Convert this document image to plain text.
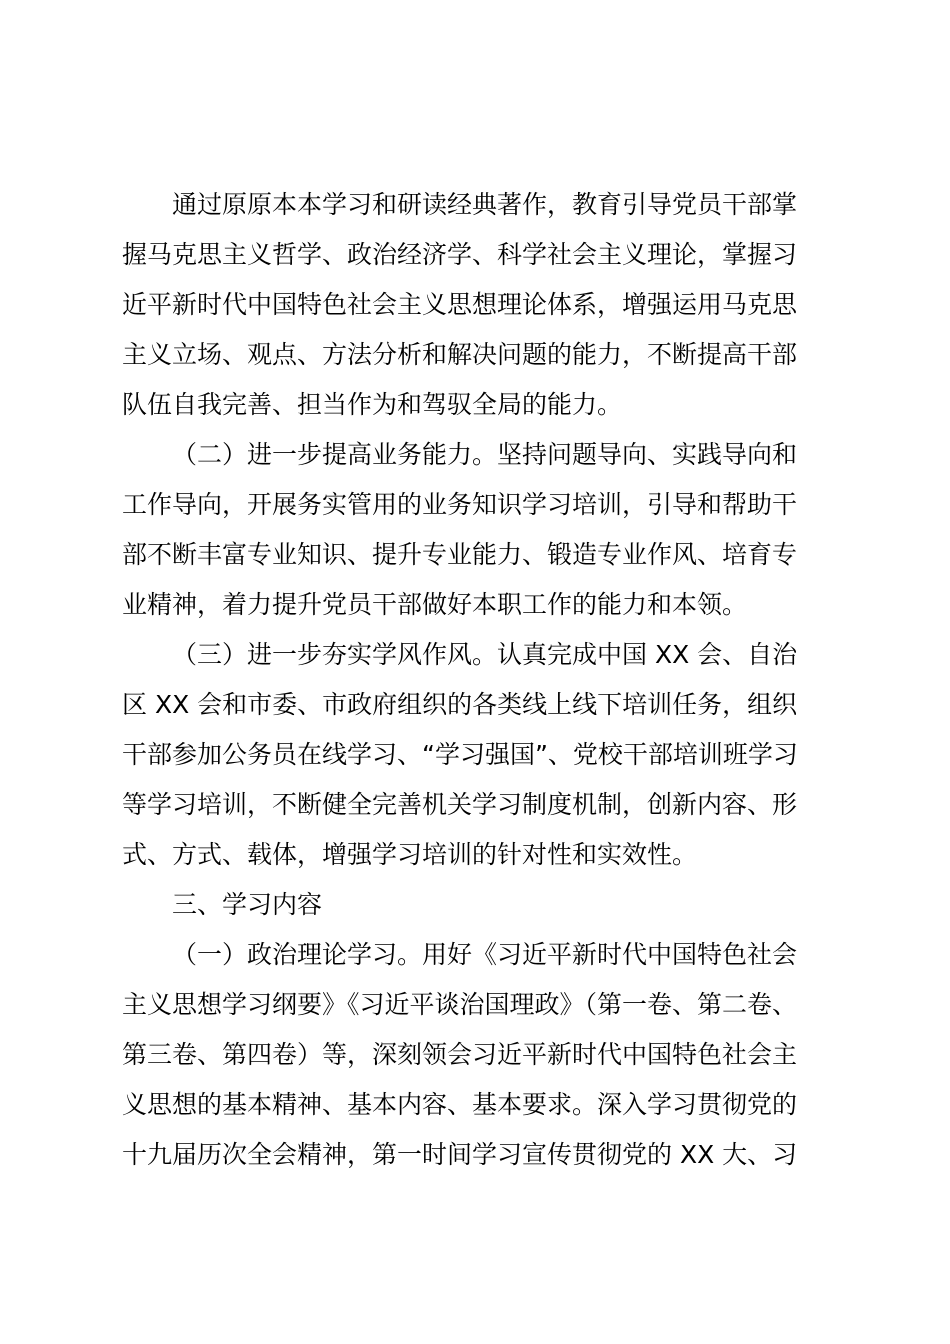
通过原原本本学习和研读经典著作，教育引导党员干部掌
握马克思主义哲学、政治经济学、科学社会主义理论，掌握习
近平新时代中国特色社会主义思想理论体系，增强运用马克思
主义立场、观点、方法分析和解决问题的能力，不断提高干部
队伍自我完善、担当作为和驾驭全局的能力。
（二）进一步提高业务能力。坚持问题导向、实践导向和
工作导向，开展务实管用的业务知识学习培训，引导和帮助干
部不断丰富专业知识、提升专业能力、锻造专业作风、培育专
业精神，着力提升党员干部做好本职工作的能力和本领。
（三）进一步夯实学风作风。认真完成中国 XX 会、自治
区 XX 会和市委、市政府组织的各类线上线下培训任务，组织
干部参加公务员在线学习、“学习强国”、党校干部培训班学习
等学习培训，不断健全完善机关学习制度机制，创新内容、形
式、方式、载体，增强学习培训的针对性和实效性。
三、学习内容
（一）政治理论学习。用好《习近平新时代中国特色社会
主义思想学习纲要》《习近平谈治国理政》（第一卷、第二卷、
第三卷、第四卷）等，深刻领会习近平新时代中国特色社会主
义思想的基本精神、基本内容、基本要求。深入学习贯彻党的
十九届历次全会精神，第一时间学习宣传贯彻党的 XX 大、习
